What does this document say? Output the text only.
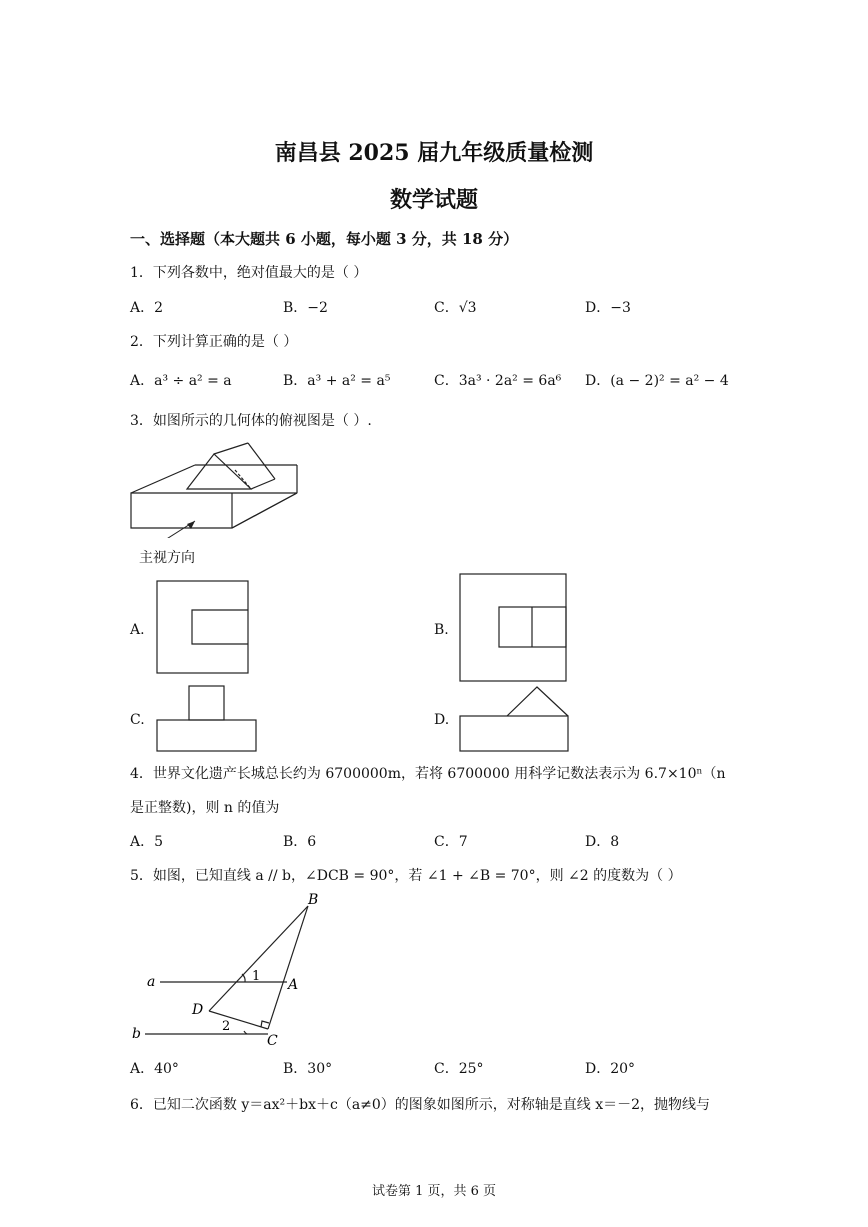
南昌县 2025 届九年级质量检测
数学试题
一、选择题（本大题共 6 小题，每小题 3 分，共 18 分）
1．下列各数中，绝对值最大的是（ ）
A．2	B．−2	C．√3	D．−3
2．下列计算正确的是（ ）
A．a³ ÷ a² = a	B．a³ + a² = a⁵	C．3a³ · 2a² = 6a⁶ D．(a − 2)² = a² − 4
3．如图所示的几何体的俯视图是（ ）.
主视方向
A.	B.
C.	D.
4．世界文化遗产长城总长约为 6700000m，若将 6700000 用科学记数法表示为 6.7×10ⁿ（n
是正整数)，则 n 的值为
A．5	B．6	C．7	D．8
5．如图，已知直线 a // b，∠DCB = 90°，若 ∠1 + ∠B = 70°，则 ∠2 的度数为（ ）
B
a	1
A
D
2
b	C
A．40°	B．30°	C．25°	D．20°
6．已知二次函数 y＝ax²＋bx＋c（a≠0）的图象如图所示，对称轴是直线 x＝－2，抛物线与
试卷第 1 页，共 6 页
